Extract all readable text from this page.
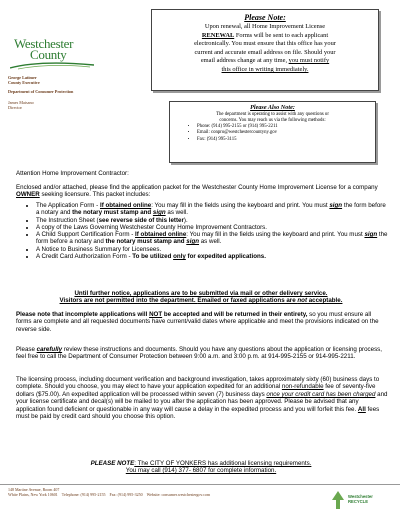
Westchester
County
George Latimer
County Executive
Department of Consumer Protection
James Maisano
Director
Please Note:
Upon renewal, all Home Improvement License
RENEWAL Forms will be sent to each applicant
electronically. You must ensure that this office has your
current and accurate email address on file. Should your
email address change at any time, you must notify
this office in writing immediately.
Please Also Note:
The department is operating to assist with any questions or
concerns. You may reach us via the following methods:
• Phone: (914) 995-2155 or (914) 995-2211
• Email: conpro@westchestercountyny.gov
• Fax: (914) 995-3115
Attention Home Improvement Contractor:
Enclosed and/or attached, please find the application packet for the Westchester County Home Improvement License for a company OWNER seeking licensure. This packet includes:
• The Application Form - If obtained online: You may fill in the fields using the keyboard and print. You must sign the form before a notary and the notary must stamp and sign as well.
• The Instruction Sheet (see reverse side of this letter).
• A copy of the Laws Governing Westchester County Home Improvement Contractors.
• A Child Support Certification Form - If obtained online: You may fill in the fields using the keyboard and print. You must sign the form before a notary and the notary must stamp and sign as well.
• A Notice to Business Summary for Licensees.
• A Credit Card Authorization Form - To be utilized only for expedited applications.
Until further notice, applications are to be submitted via mail or other delivery service.
Visitors are not permitted into the department. Emailed or faxed applications are not acceptable.
Please note that incomplete applications will NOT be accepted and will be returned in their entirety, so you must ensure all forms are complete and all requested documents have current/valid dates where applicable and meet the provisions indicated on the reverse side.
Please carefully review these instructions and documents. Should you have any questions about the application or licensing process, feel free to call the Department of Consumer Protection between 9:00 a.m. and 3:00 p.m. at 914-995-2155 or 914-995-2211.
The licensing process, including document verification and background investigation, takes approximately sixty (60) business days to complete. Should you choose, you may elect to have your application expedited for an additional non-refundable fee of seventy-five dollars ($75.00). An expedited application will be processed within seven (7) business days once your credit card has been charged and your license certificate and decal(s) will be mailed to you after the application has been approved. Please be advised that any application found deficient or questionable in any way will cause a delay in the expedited process and you will forfeit this fee. All fees must be paid by credit card should you choose this option.
PLEASE NOTE: The CITY OF YONKERS has additional licensing requirements.
You may call (914) 377- 6807 for complete information.
148 Martine Avenue, Room 407
White Plains, New York 10601 Telephone: (914) 995-2155 Fax: (914) 995-3250 Website: consumer.westchestergov.com	Westchester
RECYCLE
